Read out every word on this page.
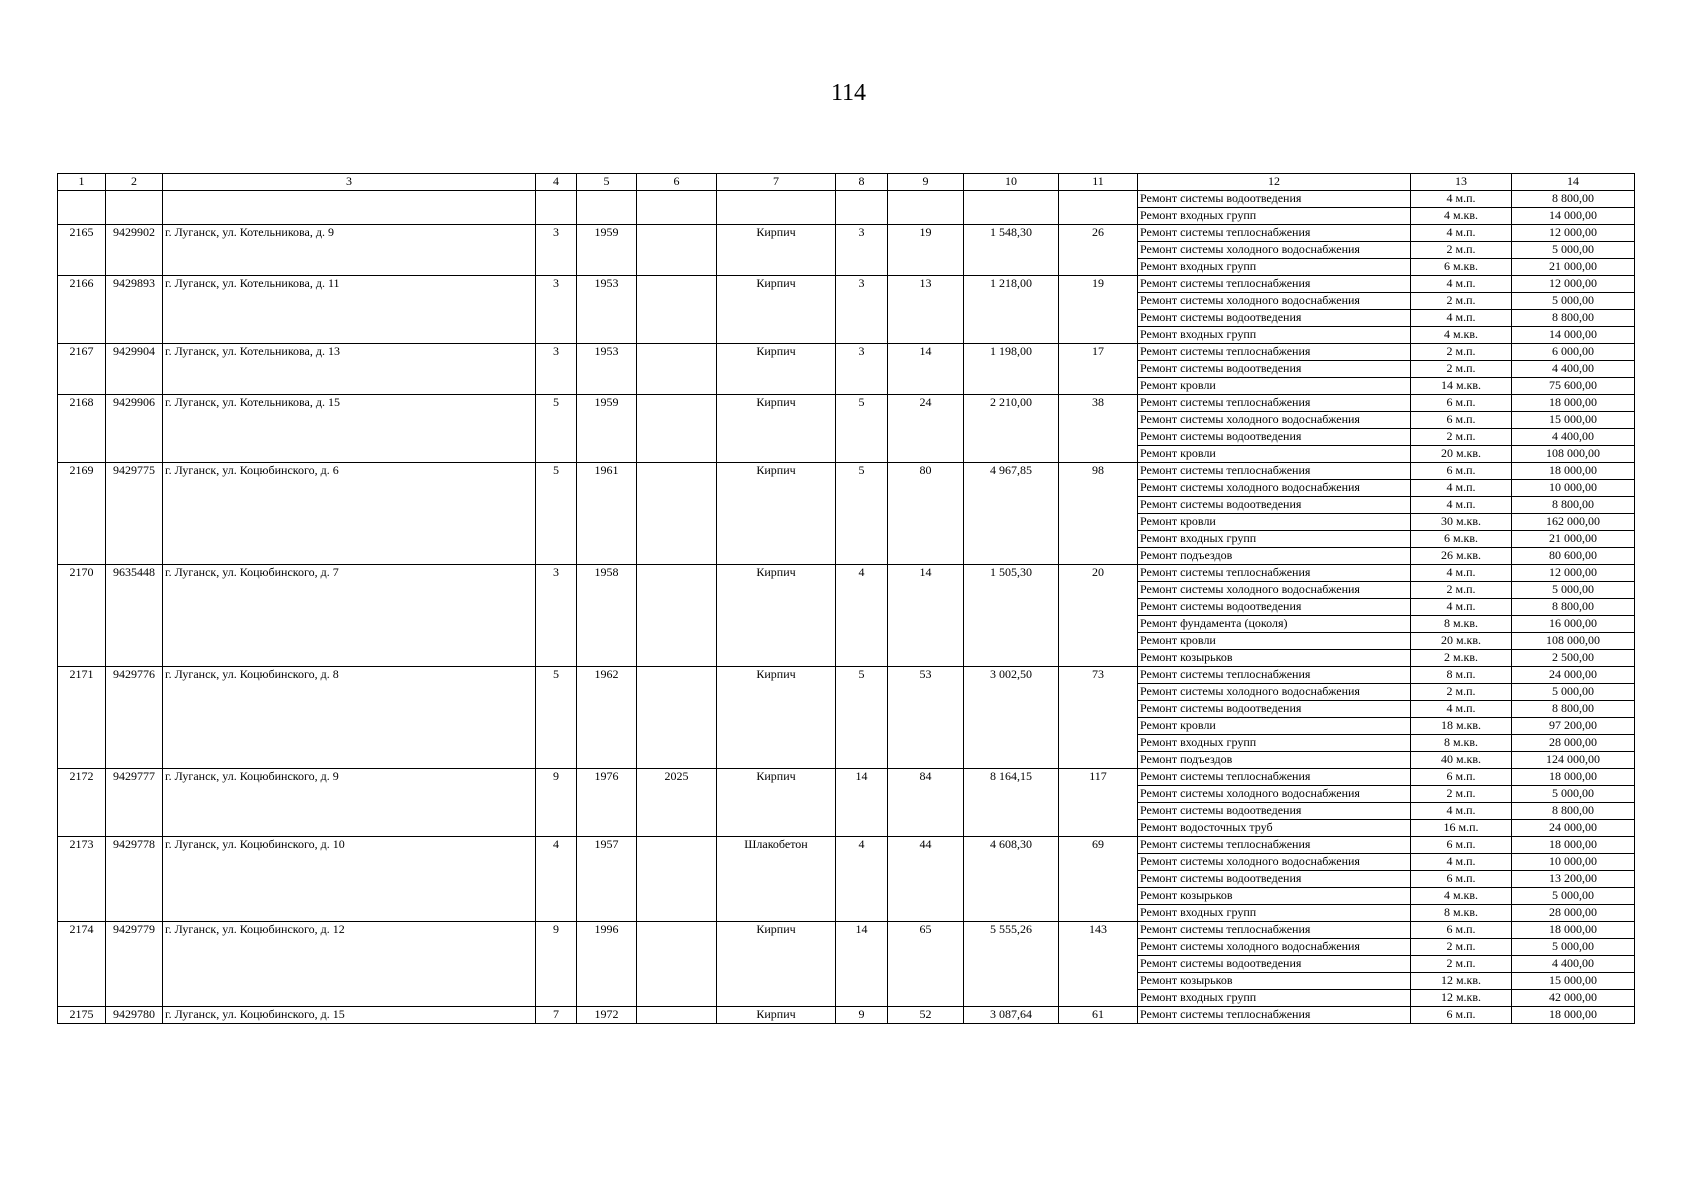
114
1	2	3	4	5	6	7	8	9	10	11	12	13	14
											Ремонт системы водоотведения	4 м.п.	8 800,00
											Ремонт входных групп	4 м.кв.	14 000,00
2165	9429902	г. Луганск, ул. Котельникова, д. 9	3	1959		Кирпич	3	19	1 548,30	26	Ремонт системы теплоснабжения	4 м.п.	12 000,00
											Ремонт системы холодного водоснабжения	2 м.п.	5 000,00
											Ремонт входных групп	6 м.кв.	21 000,00
2166	9429893	г. Луганск, ул. Котельникова, д. 11	3	1953		Кирпич	3	13	1 218,00	19	Ремонт системы теплоснабжения	4 м.п.	12 000,00
											Ремонт системы холодного водоснабжения	2 м.п.	5 000,00
											Ремонт системы водоотведения	4 м.п.	8 800,00
											Ремонт входных групп	4 м.кв.	14 000,00
2167	9429904	г. Луганск, ул. Котельникова, д. 13	3	1953		Кирпич	3	14	1 198,00	17	Ремонт системы теплоснабжения	2 м.п.	6 000,00
											Ремонт системы водоотведения	2 м.п.	4 400,00
											Ремонт кровли	14 м.кв.	75 600,00
2168	9429906	г. Луганск, ул. Котельникова, д. 15	5	1959		Кирпич	5	24	2 210,00	38	Ремонт системы теплоснабжения	6 м.п.	18 000,00
											Ремонт системы холодного водоснабжения	6 м.п.	15 000,00
											Ремонт системы водоотведения	2 м.п.	4 400,00
											Ремонт кровли	20 м.кв.	108 000,00
2169	9429775	г. Луганск, ул. Коцюбинского, д. 6	5	1961		Кирпич	5	80	4 967,85	98	Ремонт системы теплоснабжения	6 м.п.	18 000,00
											Ремонт системы холодного водоснабжения	4 м.п.	10 000,00
											Ремонт системы водоотведения	4 м.п.	8 800,00
											Ремонт кровли	30 м.кв.	162 000,00
											Ремонт входных групп	6 м.кв.	21 000,00
											Ремонт подъездов	26 м.кв.	80 600,00
2170	9635448	г. Луганск, ул. Коцюбинского, д. 7	3	1958		Кирпич	4	14	1 505,30	20	Ремонт системы теплоснабжения	4 м.п.	12 000,00
											Ремонт системы холодного водоснабжения	2 м.п.	5 000,00
											Ремонт системы водоотведения	4 м.п.	8 800,00
											Ремонт фундамента (цоколя)	8 м.кв.	16 000,00
											Ремонт кровли	20 м.кв.	108 000,00
											Ремонт козырьков	2 м.кв.	2 500,00
2171	9429776	г. Луганск, ул. Коцюбинского, д. 8	5	1962		Кирпич	5	53	3 002,50	73	Ремонт системы теплоснабжения	8 м.п.	24 000,00
											Ремонт системы холодного водоснабжения	2 м.п.	5 000,00
											Ремонт системы водоотведения	4 м.п.	8 800,00
											Ремонт кровли	18 м.кв.	97 200,00
											Ремонт входных групп	8 м.кв.	28 000,00
											Ремонт подъездов	40 м.кв.	124 000,00
2172	9429777	г. Луганск, ул. Коцюбинского, д. 9	9	1976	2025	Кирпич	14	84	8 164,15	117	Ремонт системы теплоснабжения	6 м.п.	18 000,00
											Ремонт системы холодного водоснабжения	2 м.п.	5 000,00
											Ремонт системы водоотведения	4 м.п.	8 800,00
											Ремонт водосточных труб	16 м.п.	24 000,00
2173	9429778	г. Луганск, ул. Коцюбинского, д. 10	4	1957		Шлакобетон	4	44	4 608,30	69	Ремонт системы теплоснабжения	6 м.п.	18 000,00
											Ремонт системы холодного водоснабжения	4 м.п.	10 000,00
											Ремонт системы водоотведения	6 м.п.	13 200,00
											Ремонт козырьков	4 м.кв.	5 000,00
											Ремонт входных групп	8 м.кв.	28 000,00
2174	9429779	г. Луганск, ул. Коцюбинского, д. 12	9	1996		Кирпич	14	65	5 555,26	143	Ремонт системы теплоснабжения	6 м.п.	18 000,00
											Ремонт системы холодного водоснабжения	2 м.п.	5 000,00
											Ремонт системы водоотведения	2 м.п.	4 400,00
											Ремонт козырьков	12 м.кв.	15 000,00
											Ремонт входных групп	12 м.кв.	42 000,00
2175	9429780	г. Луганск, ул. Коцюбинского, д. 15	7	1972		Кирпич	9	52	3 087,64	61	Ремонт системы теплоснабжения	6 м.п.	18 000,00
